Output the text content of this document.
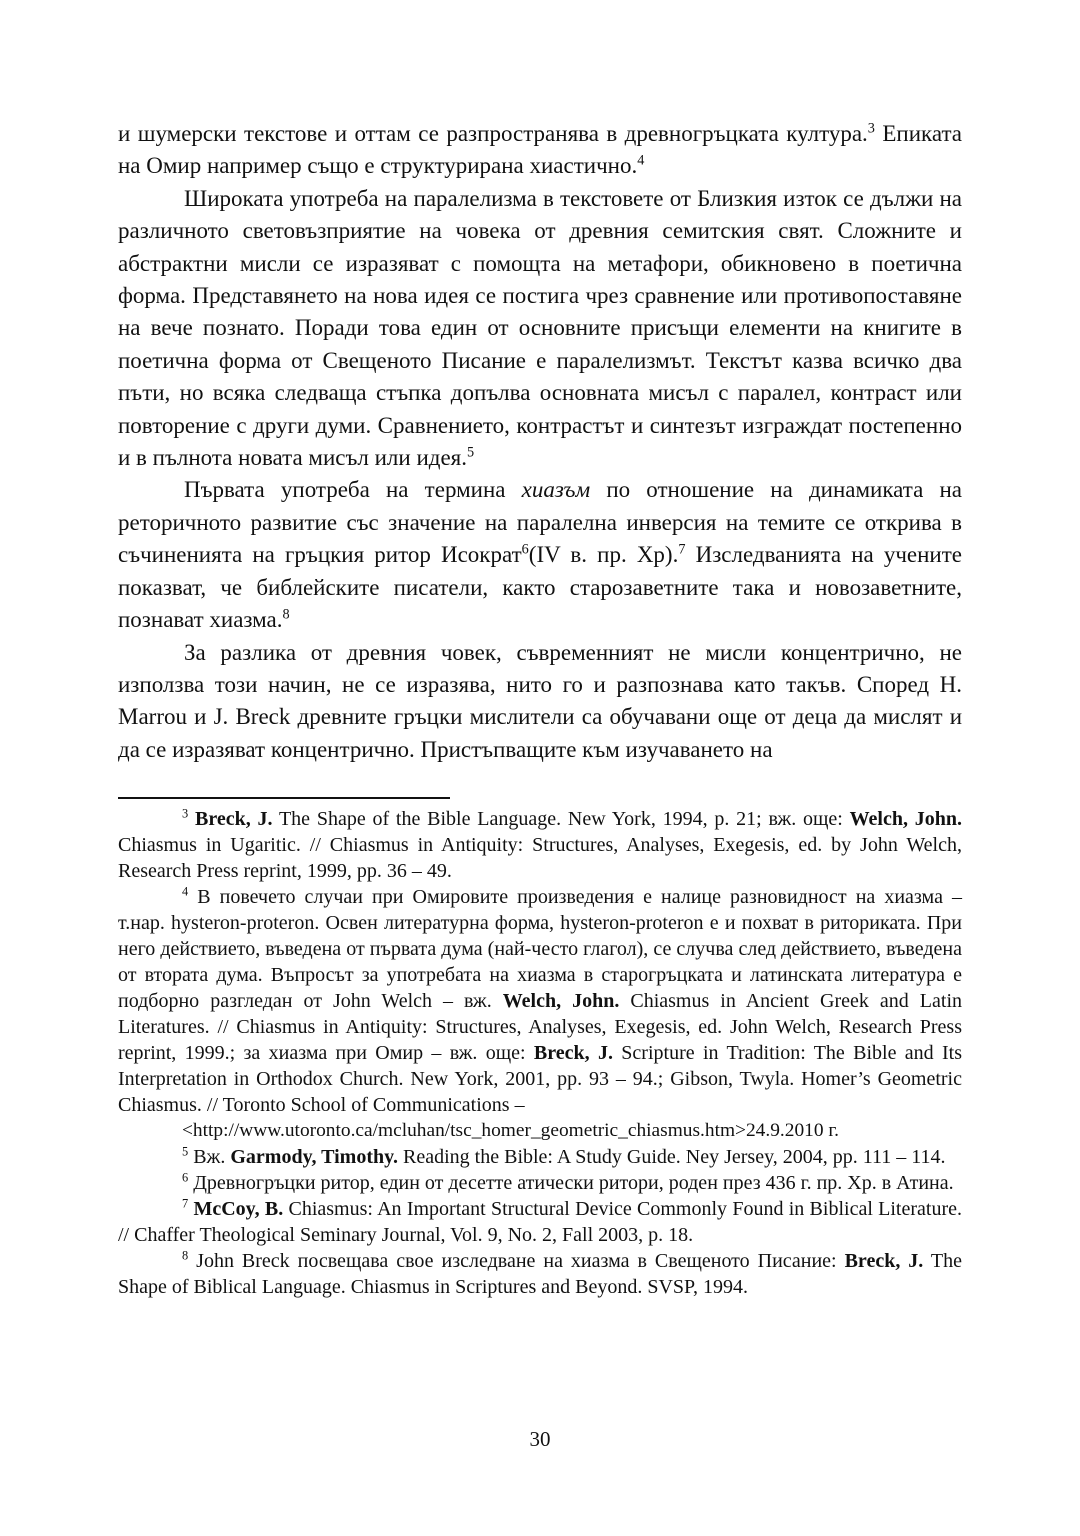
и шумерски текстове и оттам се разпространява в древногръцката култура.$^3$ Епиката на Омир например също е структурирана хиастично.$^4$

Широката употреба на паралелизма в текстовете от Близкия изток се дължи на различното световъзприятие на човека от древния семитския свят. Сложните и абстрактни мисли се изразяват с помощта на метафори, обикновено в поетична форма. Представянето на нова идея се постига чрез сравнение или противопоставяне на вече познато. Поради това един от основните присъщи елементи на книгите в поетична форма от Свещеното Писание е паралелизмът. Текстът казва всичко два пъти, но всяка следваща стъпка допълва основната мисъл с паралел, контраст или повторение с други думи. Сравнението, контрастът и синтезът изграждат постепенно и в пълнота новата мисъл или идея.$^5$

Първата употреба на термина хиазъм по отношение на динамиката на реторичното развитие със значение на паралелна инверсия на темите се открива в съчиненията на гръцкия ритор Исократ$^6$(IV в. пр. Хр).$^7$ Изследванията на учените показват, че библейските писатели, както старозаветните така и новозаветните, познават хиазма.$^8$

За разлика от древния човек, съвременният не мисли концентрично, не използва този начин, не се изразява, нито го и разпознава като такъв. Според H. Marrou и J. Breck древните гръцки мислители са обучавани още от деца да мислят и да се изразяват концентрично. Пристъпващите към изучаването на

$^3$ Breck, J. The Shape of the Bible Language. New York, 1994, p. 21; вж. още: Welch, John. Chiasmus in Ugaritic. // Chiasmus in Antiquity: Structures, Analyses, Exegesis, ed. by John Welch, Research Press reprint, 1999, pp. 36 – 49.

$^4$ В повечето случаи при Омировите произведения е налице разновидност на хиазма – т.нар. hysteron-proteron. Освен литературна форма, hysteron-proteron е и похват в риториката. При него действието, въведена от първата дума (най-често глагол), се случва след действието, въведена от втората дума. Въпросът за употребата на хиазма в старогръцката и латинската литература е подборно разгледан от John Welch – вж. Welch, John. Chiasmus in Ancient Greek and Latin Literatures. // Chiasmus in Antiquity: Structures, Analyses, Exegesis, ed. John Welch, Research Press reprint, 1999.; за хиазма при Омир – вж. още: Breck, J. Scripture in Tradition: The Bible and Its Interpretation in Orthodox Church. New York, 2001, pp. 93 – 94.; Gibson, Twyla. Homer’s Geometric Chiasmus. // Toronto School of Communications –

<http://www.utoronto.ca/mcluhan/tsc_homer_geometric_chiasmus.htm>24.9.2010 г.

$^5$ Вж. Garmody, Timothy. Reading the Bible: A Study Guide. Ney Jersey, 2004, pp. 111 – 114.

$^6$ Древногръцки ритор, един от десетте атически ритори, роден през 436 г. пр. Хр. в Атина.

$^7$ McCoy, B. Chiasmus: An Important Structural Device Commonly Found in Biblical Literature. // Chaffer Theological Seminary Journal, Vol. 9, No. 2, Fall 2003, p. 18.

$^8$ John Breck посвещава свое изследване на хиазма в Свещеното Писание: Breck, J. The Shape of Biblical Language. Chiasmus in Scriptures and Beyond. SVSP, 1994.

30
